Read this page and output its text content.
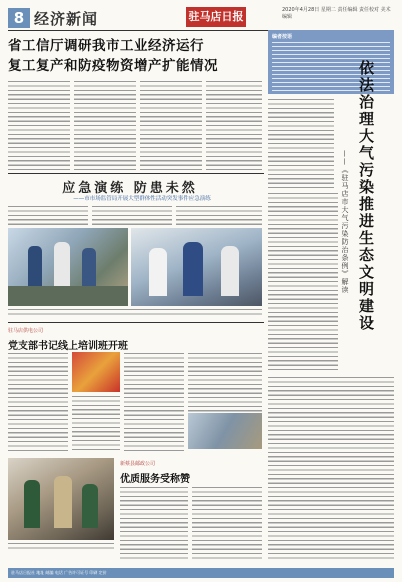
8 经济新闻	驻马店日报	2020年4月28日 星期二 责任编辑 责任校对 美术编辑
省工信厅调研我市工业经济运行
复工复产和防疫物资增产扩能情况
应急演练 防患未然
——市市场监管局开展大型群体性活动突发事件应急演练
编者按语
依法治理大气污染推进生态文明建设
——《驻马店市大气污染防治条例》解读
驻马店供电公司
党支部书记线上培训班开班
新蔡县邮政公司
优质服务受称赞
驻马店日报社 地址 邮编 电话 广告许可证号 印刷 定价
